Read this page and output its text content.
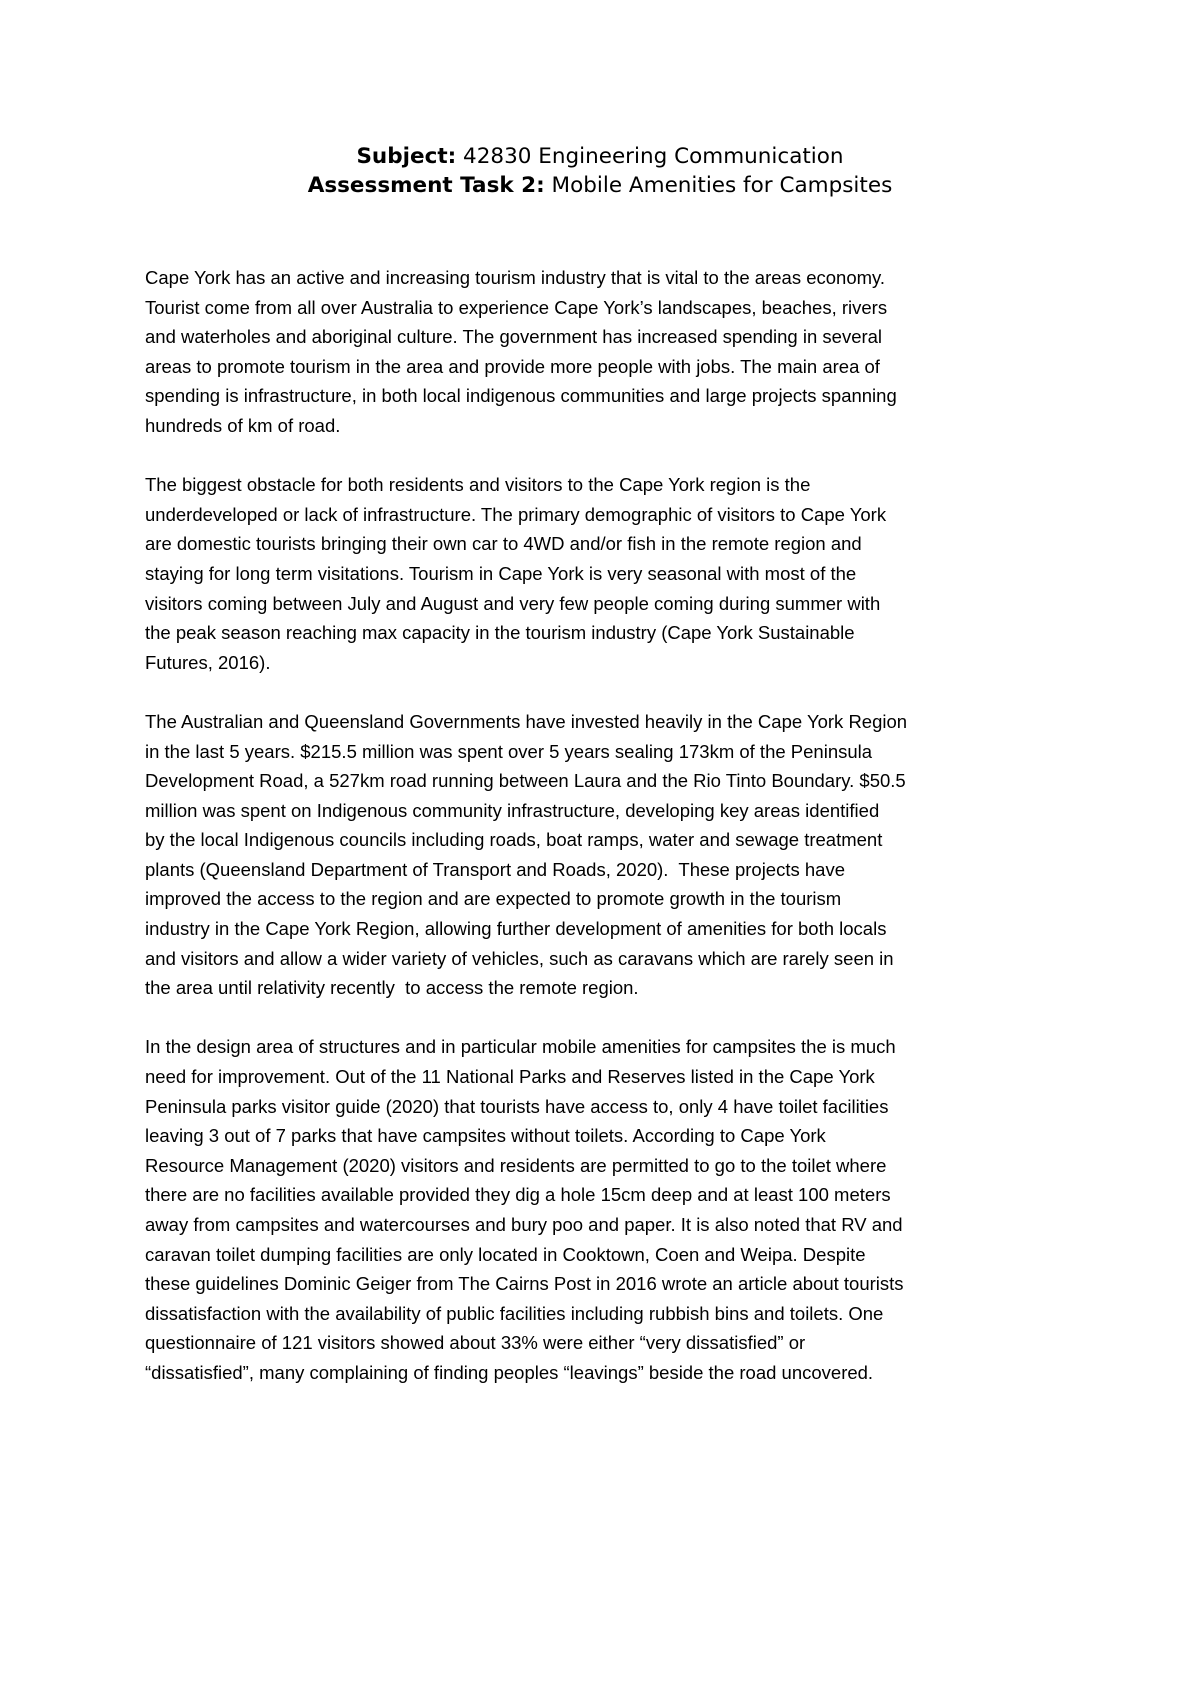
Subject: 42830 Engineering Communication
Assessment Task 2: Mobile Amenities for Campsites

Cape York has an active and increasing tourism industry that is vital to the areas economy.
Tourist come from all over Australia to experience Cape York’s landscapes, beaches, rivers
and waterholes and aboriginal culture. The government has increased spending in several
areas to promote tourism in the area and provide more people with jobs. The main area of
spending is infrastructure, in both local indigenous communities and large projects spanning
hundreds of km of road.

The biggest obstacle for both residents and visitors to the Cape York region is the
underdeveloped or lack of infrastructure. The primary demographic of visitors to Cape York
are domestic tourists bringing their own car to 4WD and/or fish in the remote region and
staying for long term visitations. Tourism in Cape York is very seasonal with most of the
visitors coming between July and August and very few people coming during summer with
the peak season reaching max capacity in the tourism industry (Cape York Sustainable
Futures, 2016).

The Australian and Queensland Governments have invested heavily in the Cape York Region
in the last 5 years. $215.5 million was spent over 5 years sealing 173km of the Peninsula
Development Road, a 527km road running between Laura and the Rio Tinto Boundary. $50.5
million was spent on Indigenous community infrastructure, developing key areas identified
by the local Indigenous councils including roads, boat ramps, water and sewage treatment
plants (Queensland Department of Transport and Roads, 2020).  These projects have
improved the access to the region and are expected to promote growth in the tourism
industry in the Cape York Region, allowing further development of amenities for both locals
and visitors and allow a wider variety of vehicles, such as caravans which are rarely seen in
the area until relativity recently  to access the remote region.

In the design area of structures and in particular mobile amenities for campsites the is much
need for improvement. Out of the 11 National Parks and Reserves listed in the Cape York
Peninsula parks visitor guide (2020) that tourists have access to, only 4 have toilet facilities
leaving 3 out of 7 parks that have campsites without toilets. According to Cape York
Resource Management (2020) visitors and residents are permitted to go to the toilet where
there are no facilities available provided they dig a hole 15cm deep and at least 100 meters
away from campsites and watercourses and bury poo and paper. It is also noted that RV and
caravan toilet dumping facilities are only located in Cooktown, Coen and Weipa. Despite
these guidelines Dominic Geiger from The Cairns Post in 2016 wrote an article about tourists
dissatisfaction with the availability of public facilities including rubbish bins and toilets. One
questionnaire of 121 visitors showed about 33% were either “very dissatisfied” or
“dissatisfied”, many complaining of finding peoples “leavings” beside the road uncovered.
